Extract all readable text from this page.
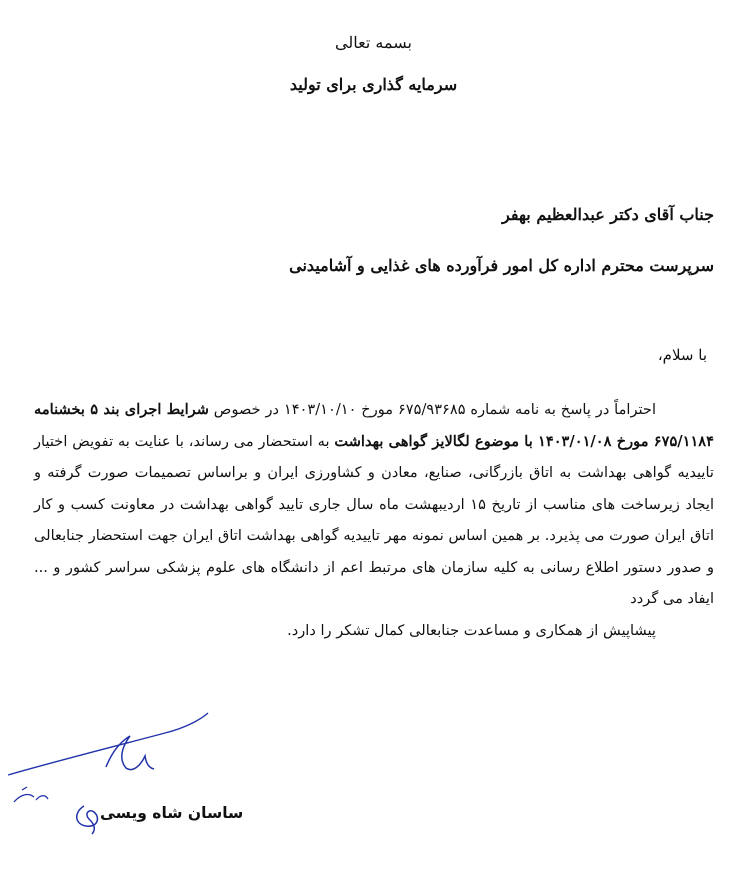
بسمه تعالی
سرمایه گذاری برای تولید
جناب آقای دکتر عبدالعظیم بهفر
سرپرست محترم اداره کل امور فرآورده های غذایی و آشامیدنی
با سلام،

احتراماً در پاسخ به نامه شماره ۶۷۵/۹۳۶۸۵ مورخ ۱۴۰۳/۱۰/۱۰ در خصوص شرایط اجرای بند ۵ بخشنامه ۶۷۵/۱۱۸۴ مورخ ۱۴۰۳/۰۱/۰۸ با موضوع لگالایز گواهی بهداشت به استحضار می رساند، با عنایت به تفویض اختیار تاییدیه گواهی بهداشت به اتاق بازرگانی، صنایع، معادن و کشاورزی ایران و براساس تصمیمات صورت گرفته و ایجاد زیرساخت های مناسب از تاریخ ۱۵ اردیبهشت ماه سال جاری تایید گواهی بهداشت در معاونت کسب و کار اتاق ایران صورت می پذیرد. بر همین اساس نمونه مهر تاییدیه گواهی بهداشت اتاق ایران جهت استحضار جنابعالی و صدور دستور اطلاع رسانی به کلیه سازمان های مرتبط اعم از دانشگاه های علوم پزشکی سراسر کشور و ... ایفاد می گردد

پیشاپیش از همکاری و مساعدت جنابعالی کمال تشکر را دارد.

ساسان شاه ویسی
